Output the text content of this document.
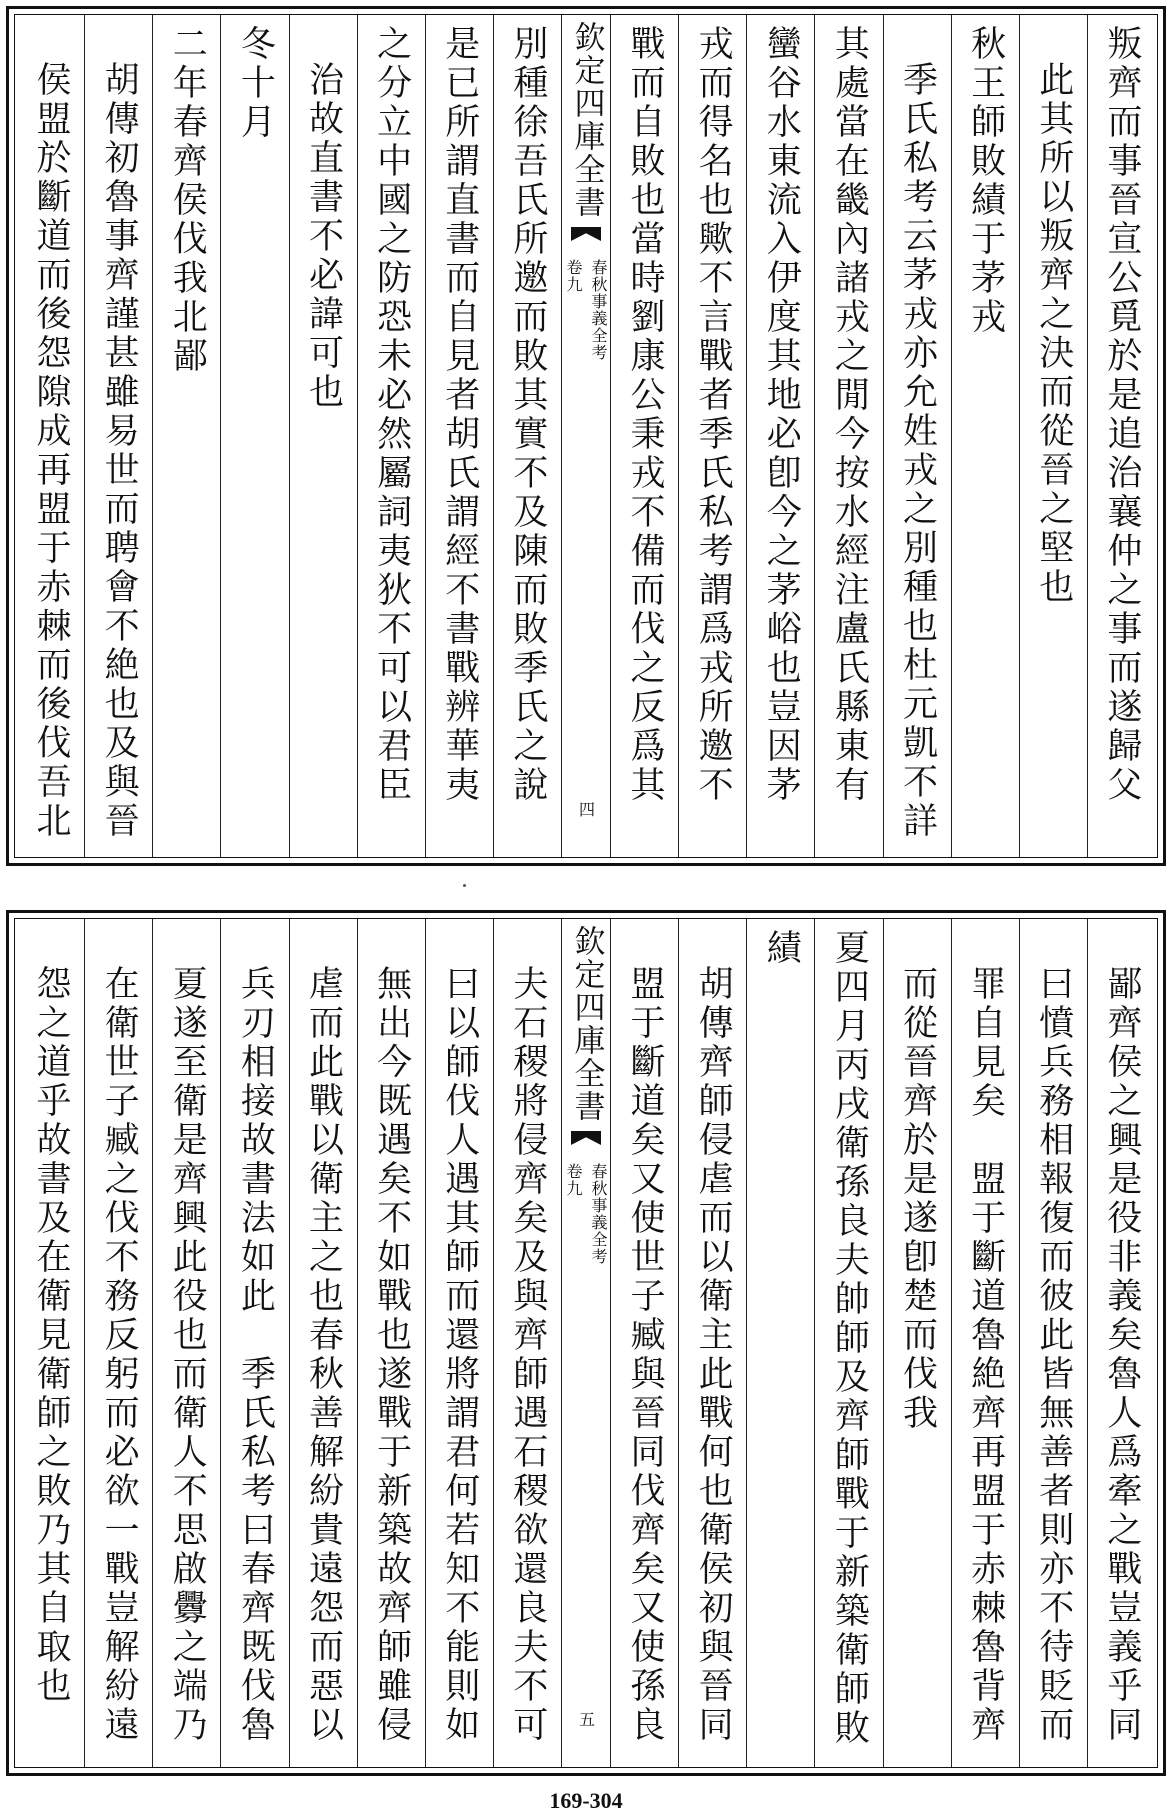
叛齊而事晉宣公覓於是追治襄仲之事而遂歸父
此其所以叛齊之決而從晉之堅也
秋王師敗績于茅戎
季氏私考云茅戎亦允姓戎之別種也杜元凱不詳
其處當在畿內諸戎之閒今按水經注盧氏縣東有
蠻谷水東流入伊度其地必卽今之茅峪也豈因茅
戎而得名也歟不言戰者季氏私考謂爲戎所邀不
戰而自敗也當時劉康公秉戎不備而伐之反爲其
欽定四庫全書
春秋事義全考
卷九
四
別種徐吾氏所邀而敗其實不及陳而敗季氏之說
是已所謂直書而自見者胡氏謂經不書戰辨華夷
之分立中國之防恐未必然屬詞夷狄不可以君臣
治故直書不必諱可也
冬十月
二年春齊侯伐我北鄙
胡傳初魯事齊謹甚雖易世而聘會不絶也及與晉
侯盟於斷道而後怨隙成再盟于赤棘而後伐吾北
鄙齊侯之興是役非義矣魯人爲牽之戰豈義乎同
曰憤兵務相報復而彼此皆無善者則亦不待貶而
罪自見矣　盟于斷道魯絶齊再盟于赤棘魯背齊
而從晉齊於是遂卽楚而伐我
夏四月丙戌衛孫良夫帥師及齊師戰于新築衛師敗
績
胡傳齊師侵虐而以衛主此戰何也衛侯初與晉同
盟于斷道矣又使世子臧與晉同伐齊矣又使孫良
欽定四庫全書
春秋事義全考
卷九
五
夫石稷將侵齊矣及與齊師遇石稷欲還良夫不可
曰以師伐人遇其師而還將謂君何若知不能則如
無出今既遇矣不如戰也遂戰于新築故齊師雖侵
虐而此戰以衛主之也春秋善解紛貴遠怨而惡以
兵刃相接故書法如此　季氏私考曰春齊既伐魯
夏遂至衛是齊興此役也而衛人不思啟釁之端乃
在衛世子臧之伐不務反躬而必欲一戰豈解紛遠
怨之道乎故書及在衛見衛師之敗乃其自取也
169-304
